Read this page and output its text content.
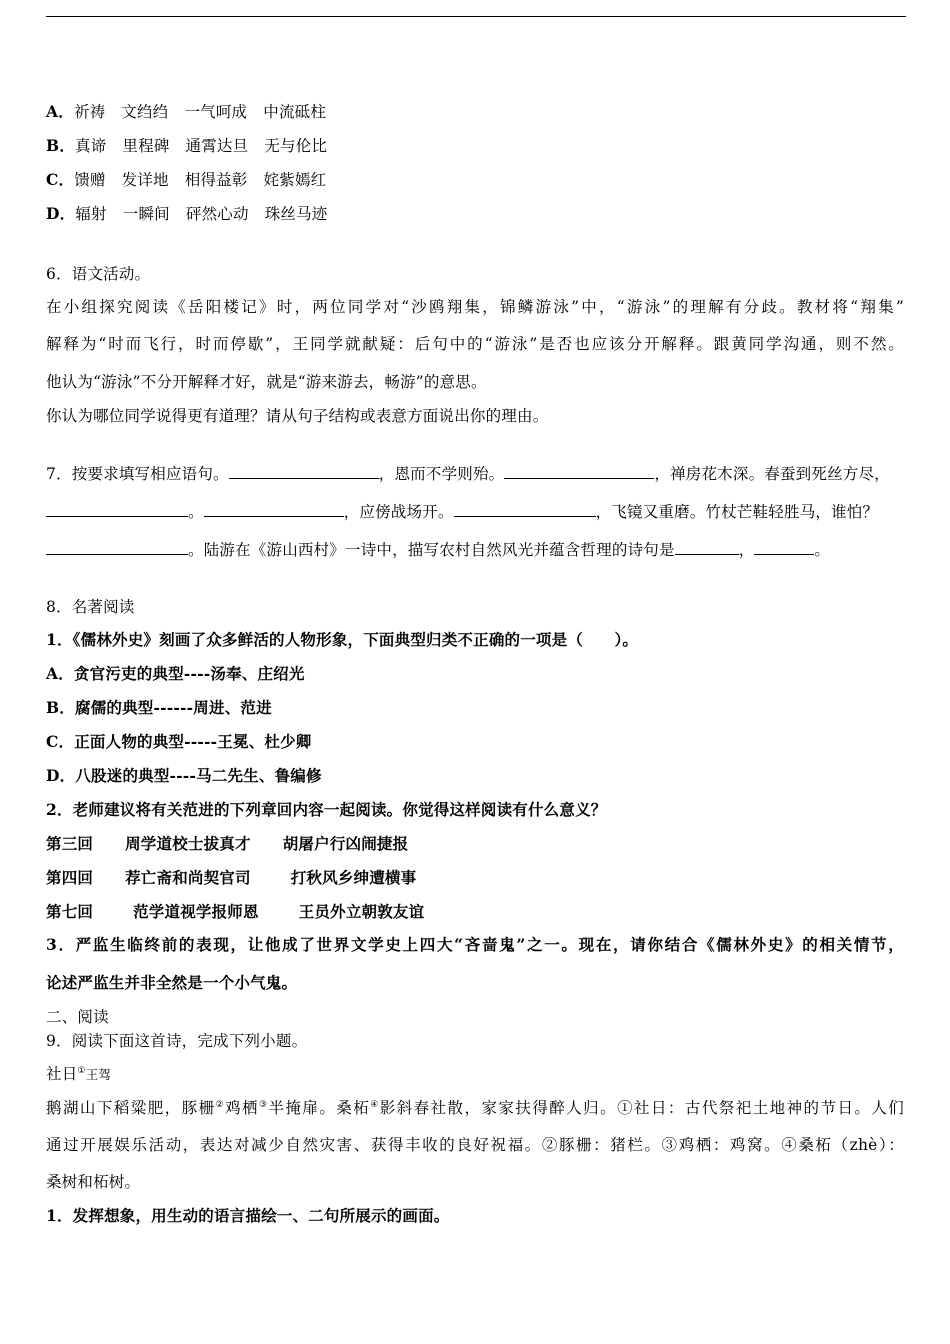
A．祈祷 文绉绉 一气呵成 中流砥柱
B．真谛 里程碑 通霄达旦 无与伦比
C．馈赠 发详地 相得益彰 姹紫嫣红
D．辐射 一瞬间 砰然心动 珠丝马迹
6．语文活动。
在小组探究阅读《岳阳楼记》时，两位同学对“沙鸥翔集，锦鳞游泳”中，“游泳”的理解有分歧。教材将“翔集”
解释为“时而飞行，时而停歇”，王同学就献疑：后句中的“游泳”是否也应该分开解释。跟黄同学沟通，则不然。
他认为“游泳”不分开解释才好，就是“游来游去，畅游”的意思。
你认为哪位同学说得更有道理？请从句子结构或表意方面说出你的理由。
7．按要求填写相应语句。	，恩而不学则殆。	，禅房花木深。春蚕到死丝方尽，
。	，应傍战场开。	，飞镜又重磨。竹杖芒鞋轻胜马，谁怕？
。陆游在《游山西村》一诗中，描写农村自然风光并蕴含哲理的诗句是	，	。
8．名著阅读
1．《儒林外史》刻画了众多鲜活的人物形象，下面典型归类不正确的一项是（　　）。
A．贪官污吏的典型----汤奉、庄绍光
B．腐儒的典型------周进、范进
C．正面人物的典型-----王冕、杜少卿
D．八股迷的典型----马二先生、鲁编修
2．老师建议将有关范进的下列章回内容一起阅读。你觉得这样阅读有什么意义？
第三回 周学道校士拔真才 胡屠户行凶闹捷报
第四回 荐亡斋和尚契官司	打秋风乡绅遭横事
第七回	范学道视学报师恩	王员外立朝敦友谊
3．严监生临终前的表现，让他成了世界文学史上四大“吝啬鬼”之一。现在，请你结合《儒林外史》的相关情节，
论述严监生并非全然是一个小气鬼。
二、阅读
9．阅读下面这首诗，完成下列小题。
社日①王驾
鹅湖山下稻粱肥，豚栅②鸡栖③半掩扉。桑柘④影斜春社散，家家扶得醉人归。①社日：古代祭祀土地神的节日。人们
通过开展娱乐活动，表达对减少自然灾害、获得丰收的良好祝福。②豚栅：猪栏。③鸡栖：鸡窝。④桑柘（zhè）：
桑树和柘树。
1．发挥想象，用生动的语言描绘一、二句所展示的画面。
